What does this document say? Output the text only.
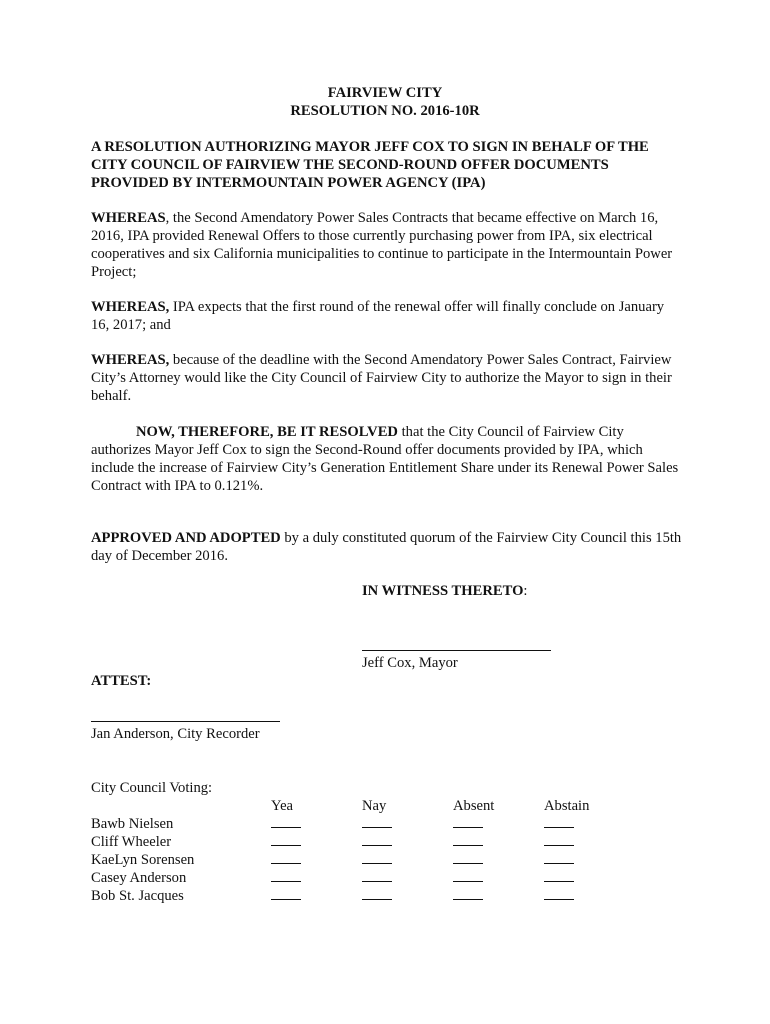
FAIRVIEW CITY
RESOLUTION NO. 2016-10R
A RESOLUTION AUTHORIZING MAYOR JEFF COX TO SIGN IN BEHALF OF THE CITY COUNCIL OF FAIRVIEW THE SECOND-ROUND OFFER DOCUMENTS PROVIDED BY INTERMOUNTAIN POWER AGENCY (IPA)
WHEREAS, the Second Amendatory Power Sales Contracts that became effective on March 16, 2016, IPA provided Renewal Offers to those currently purchasing power from IPA, six electrical cooperatives and six California municipalities to continue to participate in the Intermountain Power Project;
WHEREAS, IPA expects that the first round of the renewal offer will finally conclude on January 16, 2017; and
WHEREAS, because of the deadline with the Second Amendatory Power Sales Contract, Fairview City’s Attorney would like the City Council of Fairview City to authorize the Mayor to sign in their behalf.
NOW, THEREFORE, BE IT RESOLVED that the City Council of Fairview City authorizes Mayor Jeff Cox to sign the Second-Round offer documents provided by IPA, which include the increase of Fairview City’s Generation Entitlement Share under its Renewal Power Sales Contract with IPA to 0.121%.
APPROVED AND ADOPTED by a duly constituted quorum of the Fairview City Council this 15th day of December 2016.
IN WITNESS THERETO:
Jeff Cox, Mayor
ATTEST:
Jan Anderson, City Recorder
City Council Voting:
	Yea	Nay	Absent	Abstain
Bawb Nielsen				
Cliff Wheeler				
KaeLyn Sorensen				
Casey Anderson				
Bob St. Jacques				
